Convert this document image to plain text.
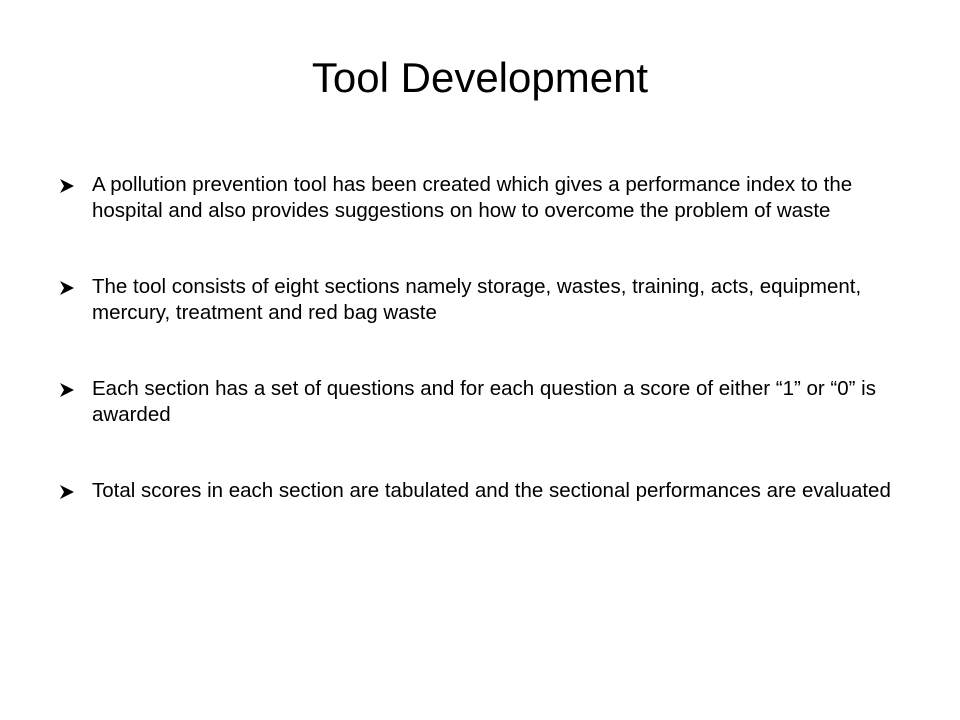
Tool Development
A pollution prevention tool has been created which gives a performance index to the hospital and also provides suggestions on how to overcome the problem of waste
The tool consists of eight sections namely storage, wastes, training, acts, equipment, mercury, treatment and red bag waste
Each section has a set of questions and for each question a score of either “1” or “0” is awarded
Total scores in each section are tabulated and the sectional performances are evaluated
